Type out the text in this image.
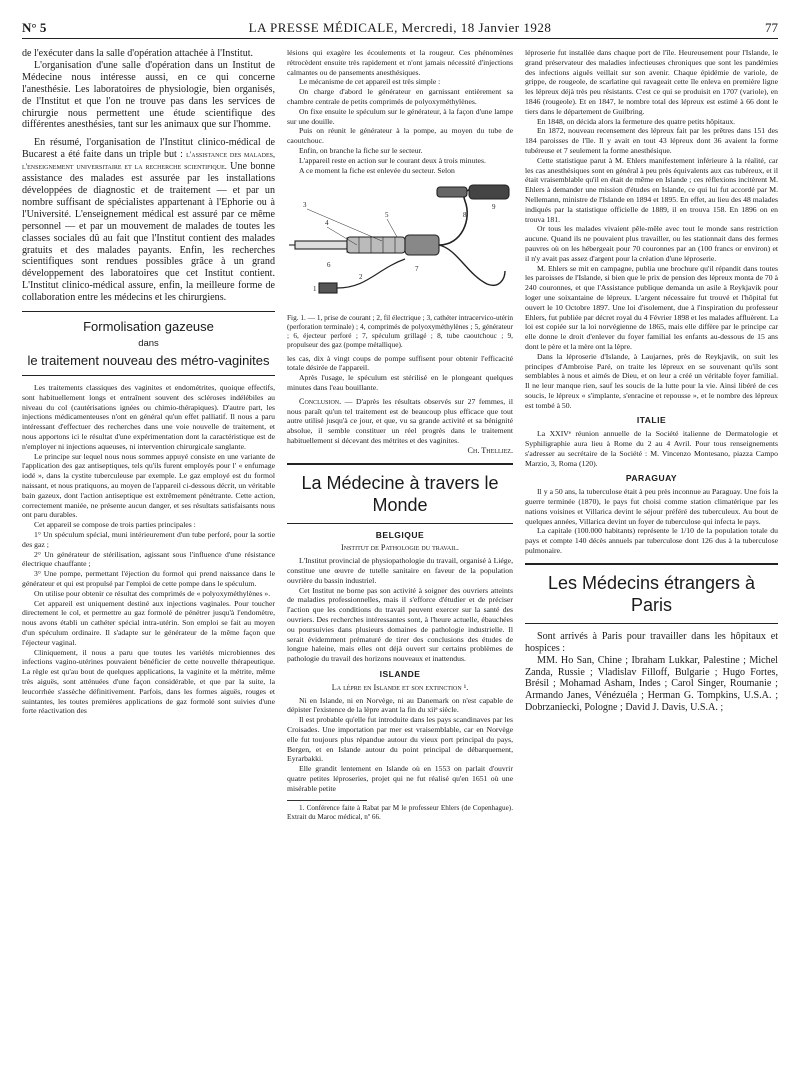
N° 5	LA PRESSE MÉDICALE, Mercredi, 18 Janvier 1928	77

de l'exécuter dans la salle d'opération attachée à l'Institut.

L'organisation d'une salle d'opération dans un Institut de Médecine nous intéresse aussi, en ce qui concerne l'anesthésie. Les laboratoires de physiologie, bien organisés, de l'Institut et que l'on ne trouve pas dans les services de chirurgie nous permettent une étude scientifique des différentes anesthésies, tant sur les animaux que sur l'homme.

En résumé, l'organisation de l'Institut clinico-médical de Bucarest a été faite dans un triple but : l'assistance des malades, l'enseignement universitaire et la recherche scientifique. Une bonne assistance des malades est assurée par les installations développées de diagnostic et de traitement — et par un nombre suffisant de spécialistes appartenant à l'Ephorie ou à l'Université. L'enseignement médical est assuré par ce même personnel — et par un mouvement de malades de toutes les classes sociales dû au fait que l'Institut contient des malades gratuits et des malades payants. Enfin, les recherches scientifiques sont rendues possibles grâce à un grand développement des laboratoires que cet Institut contient. L'Institut clinico-médical assure, enfin, la meilleure forme de collaboration entre les médecins et les chirurgiens.

Formolisation gazeuse
dans
le traitement nouveau des métro-vaginites

Les traitements classiques des vaginites et endométrites, quoique effectifs, sont habituellement longs et entraînent souvent des scléroses indélébiles au niveau du col (cautérisations ignées ou chimio-thérapiques). D'autre part, les injections médicamenteuses n'ont en général qu'un effet palliatif. Il nous a paru intéressant d'effectuer des recherches dans une voie nouvelle de traitement, et nous apportons ici le résultat d'une expérimentation dont la caractéristique est de n'employer ni injections aqueuses, ni intervention chirurgicale sanglante.

Le principe sur lequel nous nous sommes appuyé consiste en une variante de l'application des gaz antiseptiques, tels qu'ils furent employés pour l' « enfumage iodé », dans la cystite tuberculeuse par exemple. Le gaz employé est du formol naissant, et nous pratiquons, au moyen de l'appareil ci-dessous décrit, un véritable bain gazeux, dont l'action antiseptique est extrêmement pénétrante. Cette action, correctement maniée, ne présente aucun danger, et ses résultats satisfaisants nous ont paru durables.

Cet appareil se compose de trois parties principales :

1° Un spéculum spécial, muni intérieurement d'un tube perforé, pour la sortie des gaz ;

2° Un générateur de stérilisation, agissant sous l'influence d'une résistance électrique chauffante ;

3° Une pompe, permettant l'éjection du formol qui prend naissance dans le générateur et qui est propulsé par l'emploi de cette pompe dans le spéculum.

On utilise pour obtenir ce résultat des comprimés de « polyoxyméthylènes ».

Cet appareil est uniquement destiné aux injections vaginales. Pour toucher directement le col, et permettre au gaz formolé de pénétrer jusqu'à l'endomètre, nous avons établi un cathéter spécial intra-utérin. Son emploi se fait au moyen d'un spéculum ordinaire. Il s'adapte sur le générateur de la même façon que l'éjecteur vaginal.

Cliniquement, il nous a paru que toutes les variétés microbiennes des infections vagino-utérines pouvaient bénéficier de cette nouvelle thérapeutique. La règle est qu'au bout de quelques applications, la vaginite et la métrite, même très aiguës, sont atténuées d'une façon considérable, et que par la suite, la leucorrhée s'assèche définitivement. Parfois, dans les formes aiguës, rouges et suintantes, les toutes premières applications de gaz formolé sont suivies d'une forte réactivation des

lésions qui exagère les écoulements et la rougeur. Ces phénomènes rétrocèdent ensuite très rapidement et n'ont jamais nécessité d'injections calmantes ou de pansements anesthésiques.

Le mécanisme de cet appareil est très simple :

On charge d'abord le générateur en garnissant entièrement sa chambre centrale de petits comprimés de polyoxyméthylènes.

On fixe ensuite le spéculum sur le générateur, à la façon d'une lampe sur une douille.

Puis on réunit le générateur à la pompe, au moyen du tube de caoutchouc.

Enfin, on branche la fiche sur le secteur.

L'appareil reste en action sur le courant deux à trois minutes.

A ce moment la fiche est enlevée du secteur. Selon

3
4
5
6	7
8
9
1
2

Fig. 1. — 1, prise de courant ; 2, fil électrique ; 3, cathéter intracervico-utérin (perforation terminale) ; 4, comprimés de polyoxyméthylènes ; 5, générateur ; 6, éjecteur perforé ; 7, spéculum grillagé ; 8, tube caoutchouc ; 9, propulseur des gaz (pompe métallique).

les cas, dix à vingt coups de pompe suffisent pour obtenir l'efficacité totale désirée de l'appareil.

Après l'usage, le spéculum est stérilisé en le plongeant quelques minutes dans l'eau bouillante.

Conclusion. — D'après les résultats observés sur 27 femmes, il nous paraît qu'un tel traitement est de beaucoup plus efficace que tout autre utilisé jusqu'à ce jour, et que, vu sa grande activité et sa bénignité absolue, il semble constituer un réel progrès dans le traitement habituellement si décevant des métrites et des vaginites.

Ch. Thelliez.

La Médecine à travers le Monde
BELGIQUE
Institut de Pathologie du travail.

L'Institut provincial de physiopathologie du travail, organisé à Liége, constitue une œuvre de tutelle sanitaire en faveur de la population ouvrière du bassin industriel.

Cet Institut ne borne pas son activité à soigner des ouvriers atteints de maladies professionnelles, mais il s'efforce d'étudier et de préciser l'action que les conditions du travail peuvent exercer sur la santé des ouvriers. Des recherches intéressantes sont, à l'heure actuelle, ébauchées ou poursuivies dans plusieurs domaines de pathologie industrielle. Il serait évidemment prématuré de tirer des conclusions des études de longue haleine, mais elles ont déjà ouvert sur certains problèmes de pathologie du travail des horizons nouveaux et inattendus.

ISLANDE
La lèpre en Islande et son extinction ¹.

Ni en Islande, ni en Norvège, ni au Danemark on n'est capable de dépister l'existence de la lèpre avant la fin du xiiᵉ siècle.

Il est probable qu'elle fut introduite dans les pays scandinaves par les Croisades. Une importation par mer est vraisemblable, car en Norvège elle fut toujours plus répandue autour du vieux port principal du pays, Bergen, et en Islande autour du point principal de débarquement, Eyrarbakki.

Elle grandit lentement en Islande où en 1553 on parlait d'ouvrir quatre petites léproseries, projet qui ne fut réalisé qu'en 1651 où une misérable petite

1. Conférence faite à Rabat par M le professeur Ehlers (de Copenhague). Extrait du Maroc médical, nº 66.

léproserie fut installée dans chaque port de l'île. Heureusement pour l'Islande, le grand préservateur des maladies infectieuses chroniques que sont les pandémies des infections aiguës veillait sur son avenir. Chaque épidémie de variole, de grippe, de rougeole, de scarlatine qui ravageait cette île enleva en première ligne les lépreux déjà très peu résistants. C'est ce qui se produisit en 1707 (variole), en 1846 (rougeole). Et en 1847, le nombre total des lépreux est estimé à 66 dont le tiers dans le département de Guilbring.

En 1848, on décida alors la fermeture des quatre petits hôpitaux.

En 1872, nouveau recensement des lépreux fait par les prêtres dans 151 des 184 paroisses de l'île. Il y avait en tout 43 lépreux dont 36 avaient la forme tubéreuse et 7 seulement la forme anesthésique.

Cette statistique parut à M. Ehlers manifestement inférieure à la réalité, car les cas anesthésiques sont en général à peu près équivalents aux cas tubéreux, et il était vraisemblable qu'il en était de même en Islande ; ces réflexions incitèrent M. Ehlers à demander une mission d'études en Islande, ce qui lui fut accordé par M. Nellemann, ministre de l'Islande en 1894 et 1895. En effet, au lieu des 48 malades indiqués par la statistique officielle de 1889, il en trouva 158. En 1896 on en trouva 181.

Or tous les malades vivaient pêle-mêle avec tout le monde sans restriction aucune. Quand ils ne pouvaient plus travailler, ou les stationnait dans des fermes pauvres où on les hébergeait pour 70 couronnes par an (100 francs or environ) et il n'y avait pas assez d'argent pour la création d'une léproserie.

M. Ehlers se mit en campagne, publia une brochure qu'il répandit dans toutes les paroisses de l'Islande, si bien que le prix de pension des lépreux monta de 70 à 240 couronnes, et que l'Assistance publique demanda un asile à Reykjavik pour loger une soixantaine de lépreux. L'argent nécessaire fut trouvé et l'hôpital fut ouvert le 10 Octobre 1897. Une loi d'isolement, due à l'inspiration du professeur Ehlers, fut publiée par décret royal du 4 Février 1898 et les malades affluèrent. La loi est copiée sur la loi norvégienne de 1865, mais elle diffère par le principe car elle donne le droit d'enlever du foyer familial les enfants au-dessous de 15 ans dont le père et la mère ont la lèpre.

Dans la léproserie d'Islande, à Laujarnes, près de Reykjavik, on suit les principes d'Ambroise Paré, on traite les lépreux en se souvenant qu'ils sont semblables à nous et aimés de Dieu, et on leur a créé un véritable foyer familial. Il ne leur manque rien, sauf les soucis de la lutte pour la vie. Ainsi libéré de ces soucis, le lépreux « s'implante, s'enracine et repousse », et le nombre des lépreux est tombé à 50.

ITALIE

La XXIVᵉ réunion annuelle de la Société italienne de Dermatologie et Syphiligraphie aura lieu à Rome du 2 au 4 Avril. Pour tous renseignements s'adresser au secrétaire de la Société : M. Vincenzo Montesano, piazza Campo Marzio, 3, Roma (120).

PARAGUAY

Il y a 50 ans, la tuberculose était à peu près inconnue au Paraguay. Une fois la guerre terminée (1870), le pays fut choisi comme station climatérique par les nations voisines et Villarica devint le séjour préféré des tuberculeux. Au bout de quelques années, Villarica devint un foyer de tuberculose qui infecta le pays.

La capitale (100.000 habitants) représente le 1/10 de la population totale du pays et compte 140 décès annuels par tuberculose dont 126 dus à la tuberculose pulmonaire.

Les Médecins étrangers à Paris

Sont arrivés à Paris pour travailler dans les hôpitaux et hospices :

MM. Ho San, Chine ; Ibraham Lukkar, Palestine ; Michel Zanda, Russie ; Vladislav Filloff, Bulgarie ; Hugo Fortes, Brésil ; Mohamad Asham, Indes ; Carol Singer, Roumanie ; Armando Janes, Vénézuéla ; Herman G. Tompkins, U.S.A. ; Dobrzaniecki, Pologne ; David J. Davis, U.S.A. ;
